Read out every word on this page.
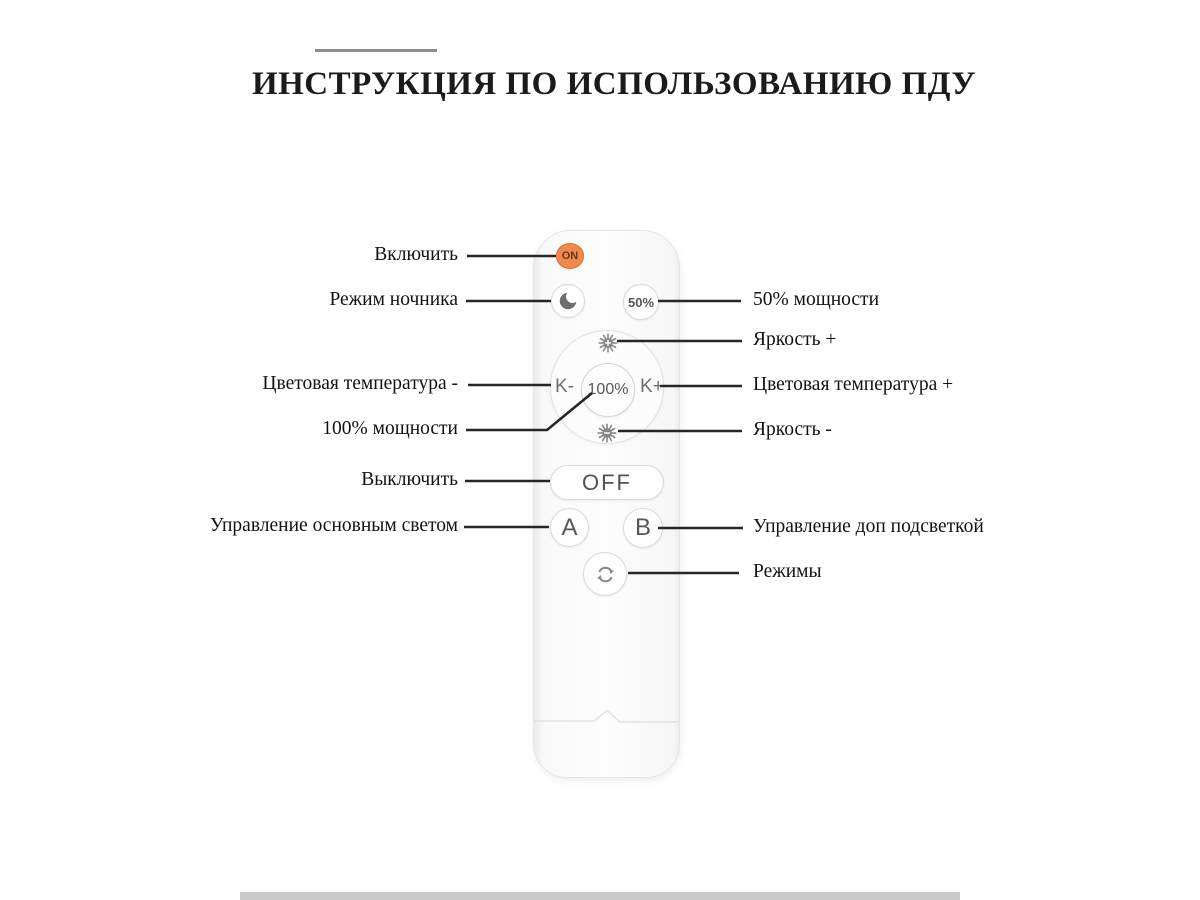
ИНСТРУКЦИЯ ПО ИСПОЛЬЗОВАНИЮ ПДУ
ON
50%
K- 100% K+
OFF
A	B
Включить
Режим ночника
Цветовая температура -
100% мощности
Выключить
Управление основным светом
50% мощности
Яркость +
Цветовая температура +
Яркость -
Управление доп подсветкой
Режимы
